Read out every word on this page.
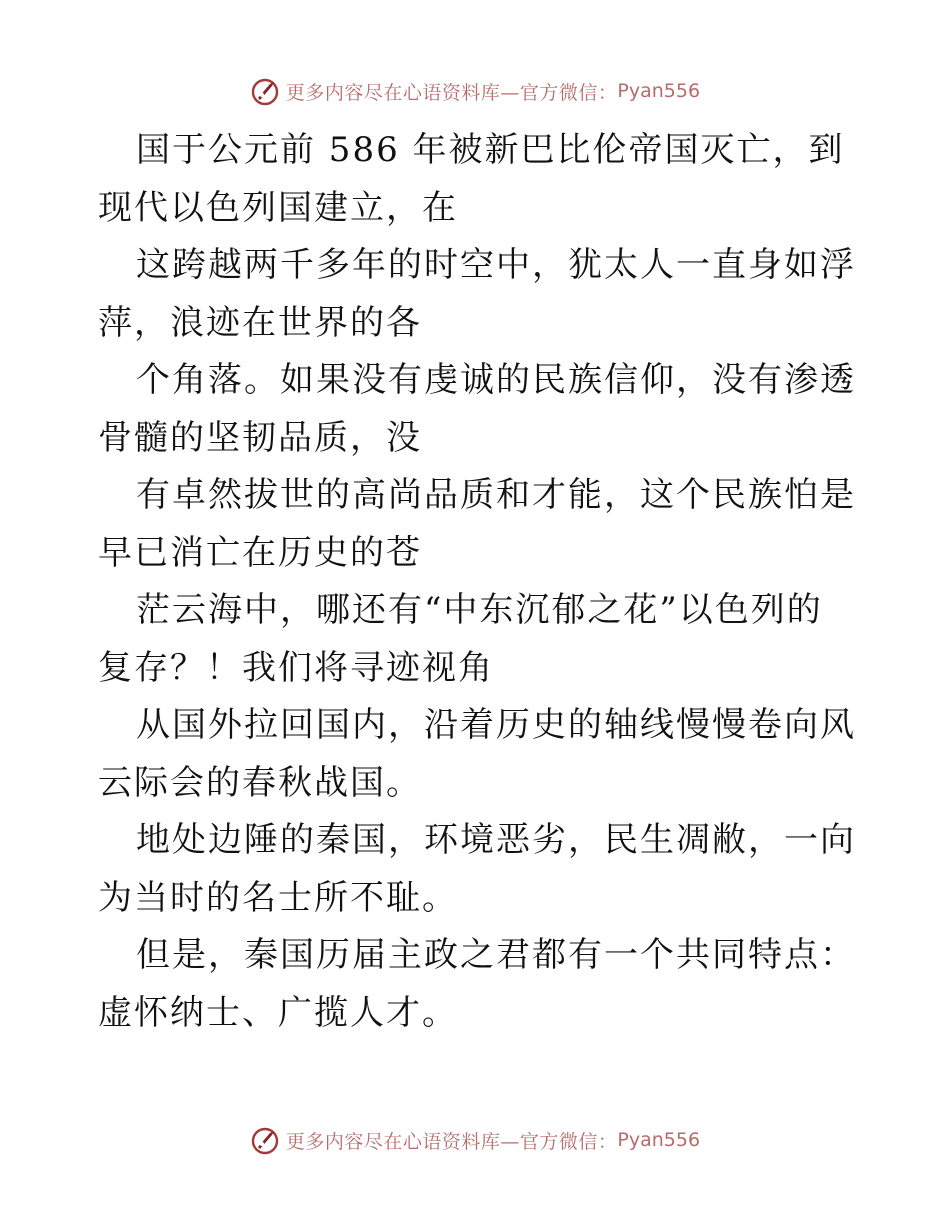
更多内容尽在心语资料库—官方微信： Pyan556

国于公元前 586 年被新巴比伦帝国灭亡，到现代以色列国建立，在

这跨越两千多年的时空中，犹太人一直身如浮萍，浪迹在世界的各

个角落。如果没有虔诚的民族信仰，没有渗透骨髓的坚韧品质，没

有卓然拔世的高尚品质和才能，这个民族怕是早已消亡在历史的苍

茫云海中，哪还有“中东沉郁之花”以色列的复存？！我们将寻迹视角

从国外拉回国内，沿着历史的轴线慢慢卷向风云际会的春秋战国。

地处边陲的秦国，环境恶劣，民生凋敝，一向为当时的名士所不耻。

但是，秦国历届主政之君都有一个共同特点：虚怀纳士、广揽人才。

更多内容尽在心语资料库—官方微信： Pyan556
